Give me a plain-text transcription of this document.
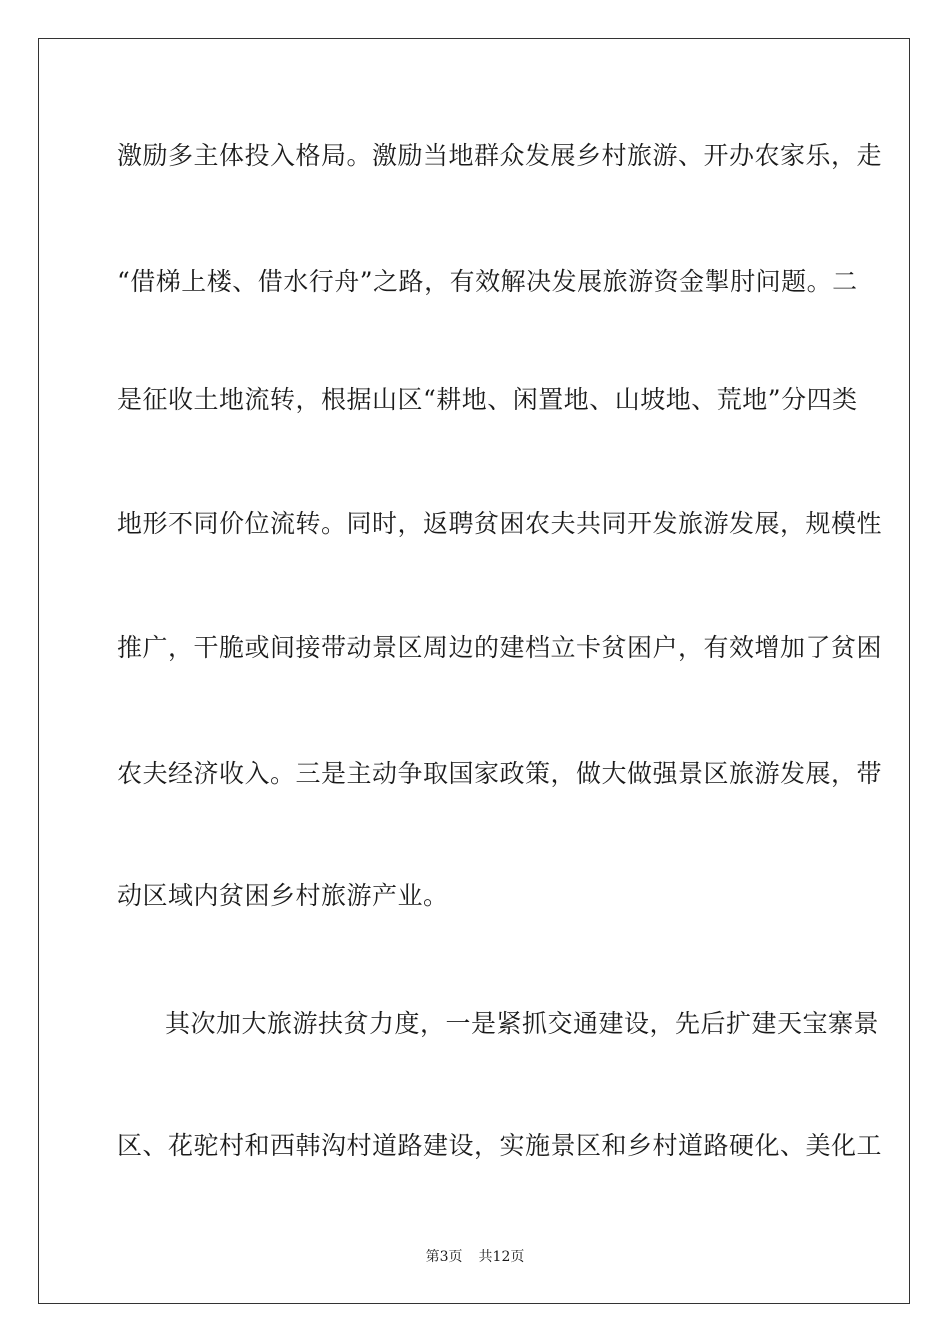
激励多主体投入格局。激励当地群众发展乡村旅游、开办农家乐，走
“借梯上楼、借水行舟”之路，有效解决发展旅游资金掣肘问题。二
是征收土地流转，根据山区“耕地、闲置地、山坡地、荒地”分四类
地形不同价位流转。同时，返聘贫困农夫共同开发旅游发展，规模性
推广，干脆或间接带动景区周边的建档立卡贫困户，有效增加了贫困
农夫经济收入。三是主动争取国家政策，做大做强景区旅游发展，带
动区域内贫困乡村旅游产业。
其次加大旅游扶贫力度，一是紧抓交通建设，先后扩建天宝寨景
区、花驼村和西韩沟村道路建设，实施景区和乡村道路硬化、美化工
第3页 共12页
